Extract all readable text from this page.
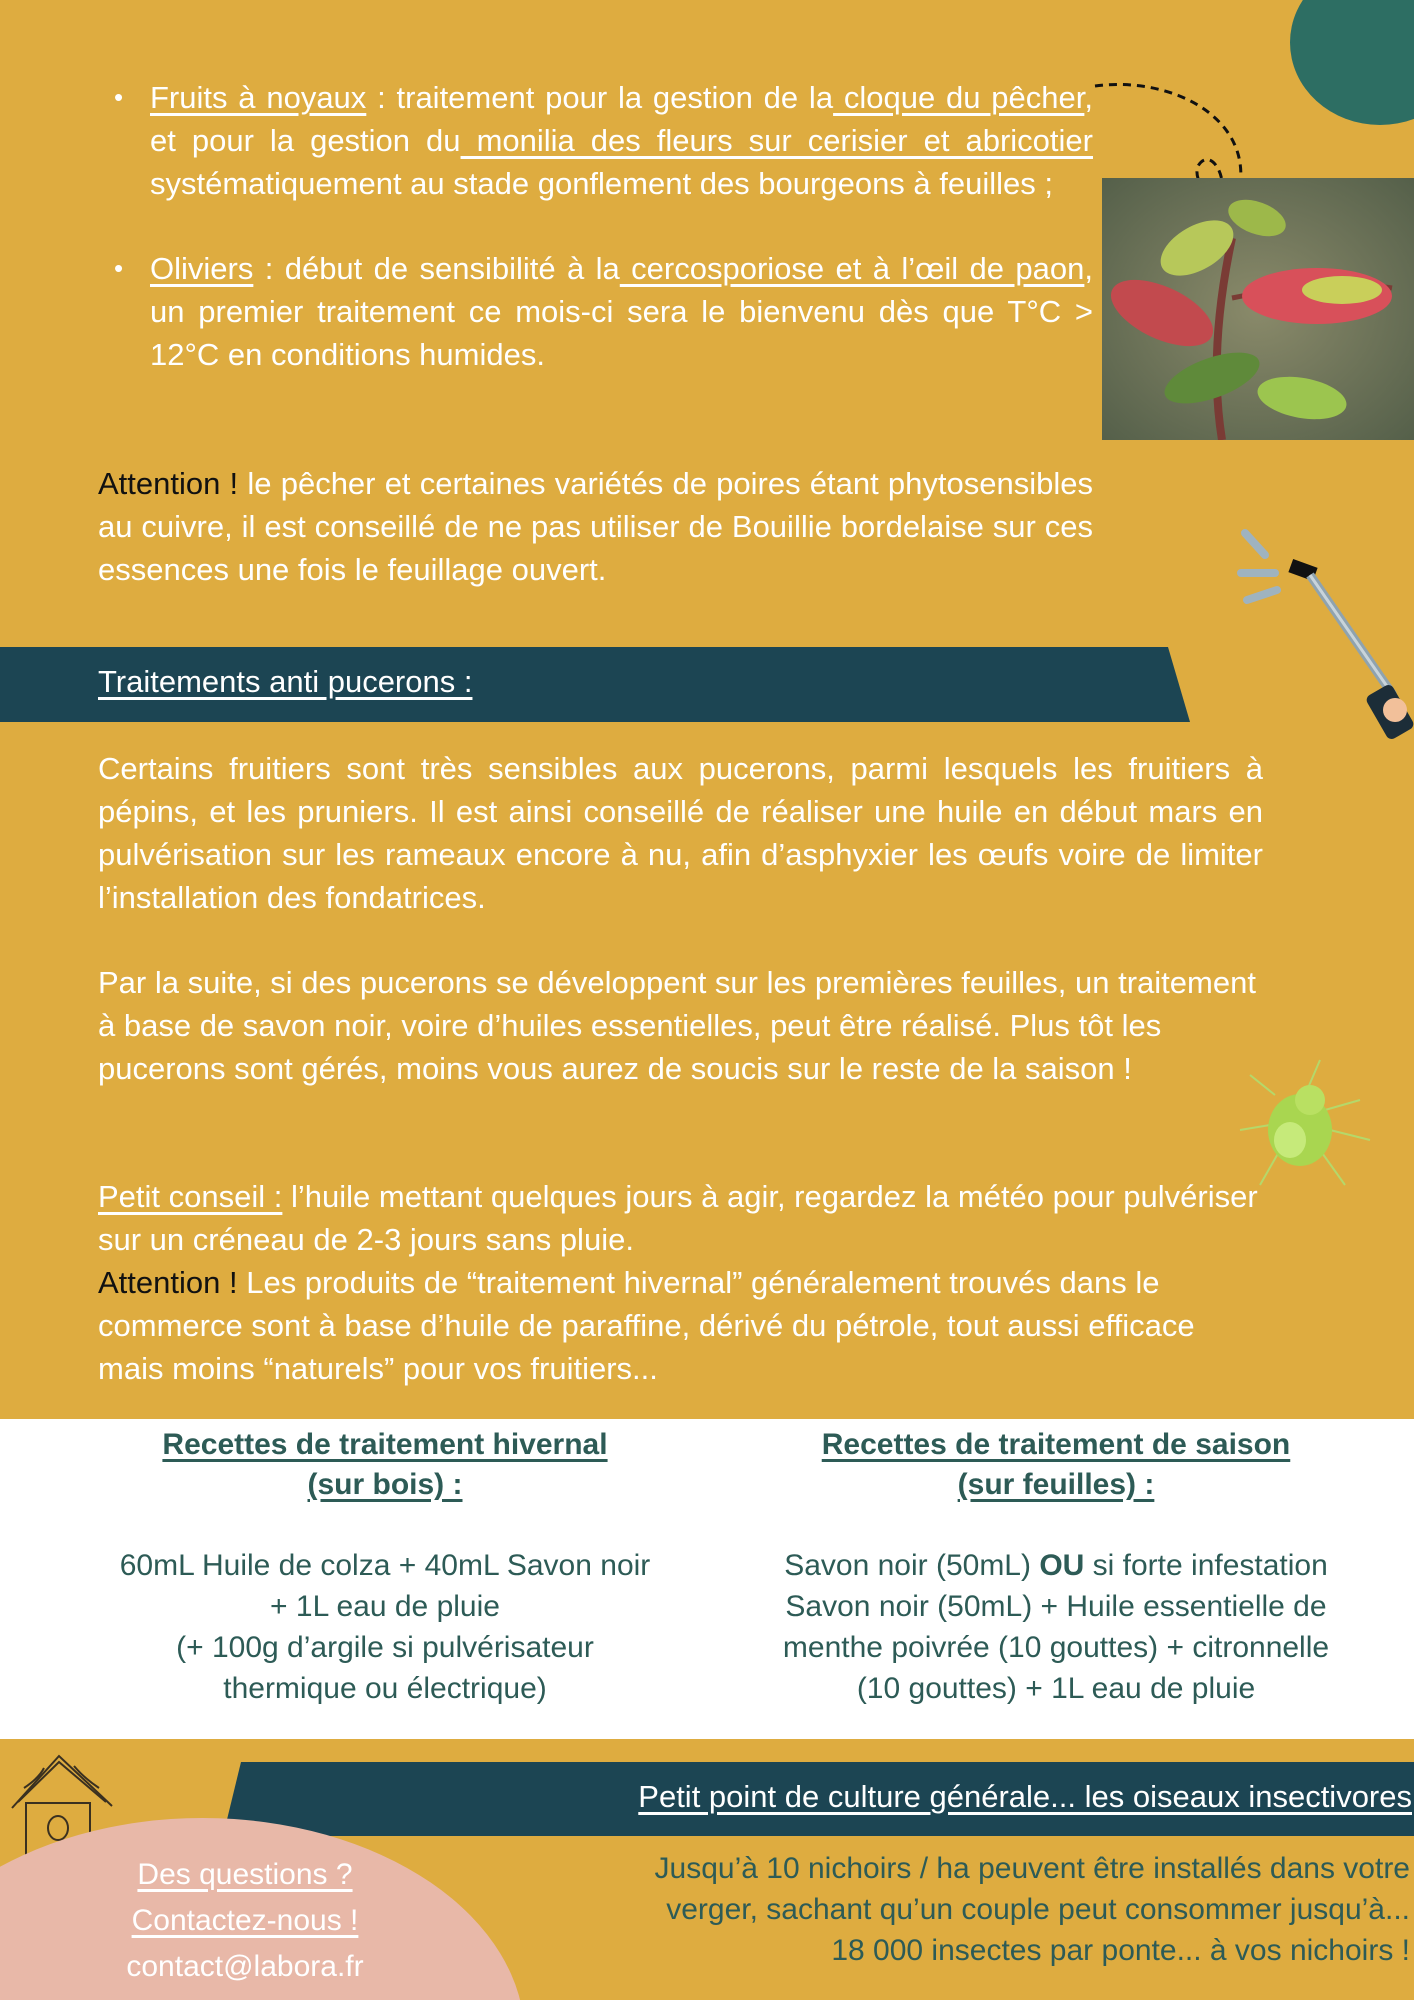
• Fruits à noyaux : traitement pour la gestion de la cloque du pêcher, et pour la gestion du monilia des fleurs sur cerisier et abricotier systématiquement au stade gonflement des bourgeons à feuilles ;
• Oliviers : début de sensibilité à la cercosporiose et à l’œil de paon, un premier traitement ce mois-ci sera le bienvenu dès que T°C > 12°C en conditions humides.
Attention ! le pêcher et certaines variétés de poires étant phytosensibles au cuivre, il est conseillé de ne pas utiliser de Bouillie bordelaise sur ces essences une fois le feuillage ouvert.
Traitements anti pucerons :
Certains fruitiers sont très sensibles aux pucerons, parmi lesquels les fruitiers à pépins, et les pruniers. Il est ainsi conseillé de réaliser une huile en début mars en pulvérisation sur les rameaux encore à nu, afin d’asphyxier les œufs voire de limiter l’installation des fondatrices.
Par la suite, si des pucerons se développent sur les premières feuilles, un traitement à base de savon noir, voire d’huiles essentielles, peut être réalisé. Plus tôt les pucerons sont gérés, moins vous aurez de soucis sur le reste de la saison !
Petit conseil : l’huile mettant quelques jours à agir, regardez la météo pour pulvériser sur un créneau de 2-3 jours sans pluie.
Attention ! Les produits de “traitement hivernal” généralement trouvés dans le commerce sont à base d’huile de paraffine, dérivé du pétrole, tout aussi efficace mais moins “naturels” pour vos fruitiers...
Recettes de traitement hivernal
(sur bois) :
60mL Huile de colza + 40mL Savon noir
+ 1L eau de pluie
(+ 100g d’argile si pulvérisateur
thermique ou électrique)
Recettes de traitement de saison
(sur feuilles) :
Savon noir (50mL) OU si forte infestation
Savon noir (50mL) + Huile essentielle de
menthe poivrée (10 gouttes) + citronnelle
(10 gouttes) + 1L eau de pluie
Petit point de culture générale... les oiseaux insectivores
Des questions ?
Contactez-nous !
contact@labora.fr
Jusqu’à 10 nichoirs / ha peuvent être installés dans votre
verger, sachant qu’un couple peut consommer jusqu’à...
18 000 insectes par ponte... à vos nichoirs !
